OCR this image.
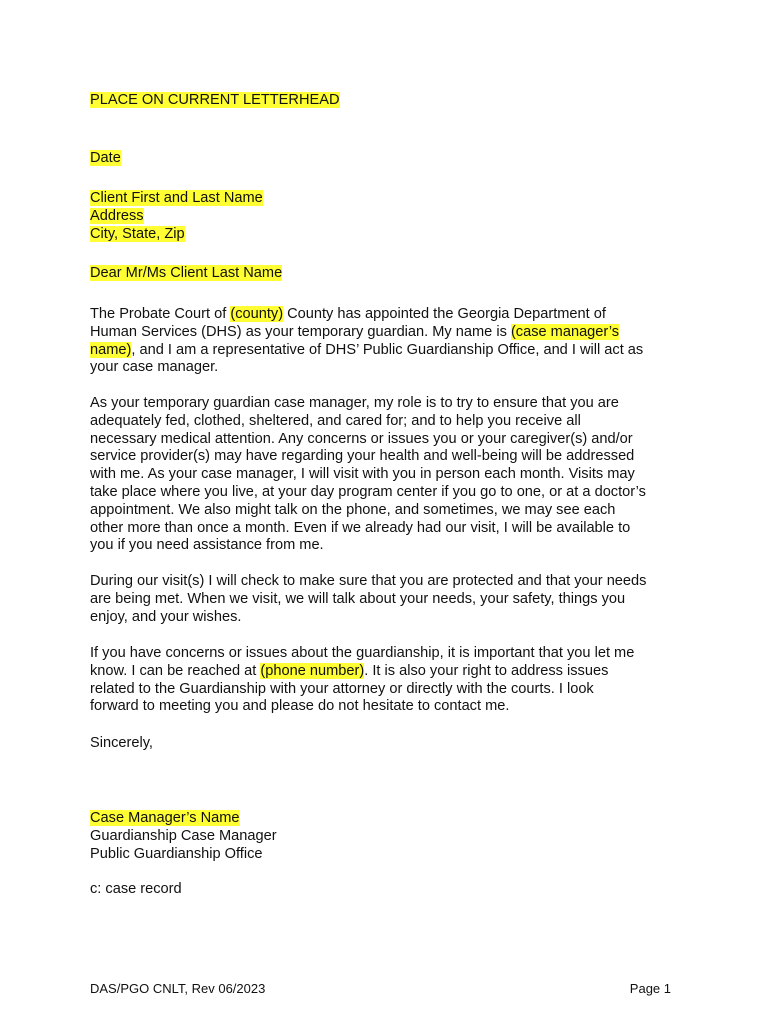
PLACE ON CURRENT LETTERHEAD
Date
Client First and Last Name
Address
City, State, Zip
Dear Mr/Ms Client Last Name
The Probate Court of (county) County has appointed the Georgia Department of
Human Services (DHS) as your temporary guardian. My name is (case manager’s
name), and I am a representative of DHS’ Public Guardianship Office, and I will act as
your case manager.
As your temporary guardian case manager, my role is to try to ensure that you are
adequately fed, clothed, sheltered, and cared for; and to help you receive all
necessary medical attention. Any concerns or issues you or your caregiver(s) and/or
service provider(s) may have regarding your health and well-being will be addressed
with me. As your case manager, I will visit with you in person each month. Visits may
take place where you live, at your day program center if you go to one, or at a doctor’s
appointment. We also might talk on the phone, and sometimes, we may see each
other more than once a month. Even if we already had our visit, I will be available to
you if you need assistance from me.
During our visit(s) I will check to make sure that you are protected and that your needs
are being met. When we visit, we will talk about your needs, your safety, things you
enjoy, and your wishes.
If you have concerns or issues about the guardianship, it is important that you let me
know. I can be reached at (phone number). It is also your right to address issues
related to the Guardianship with your attorney or directly with the courts. I look
forward to meeting you and please do not hesitate to contact me.
Sincerely,
Case Manager’s Name
Guardianship Case Manager
Public Guardianship Office
c: case record
DAS/PGO CNLT, Rev 06/2023	Page 1
